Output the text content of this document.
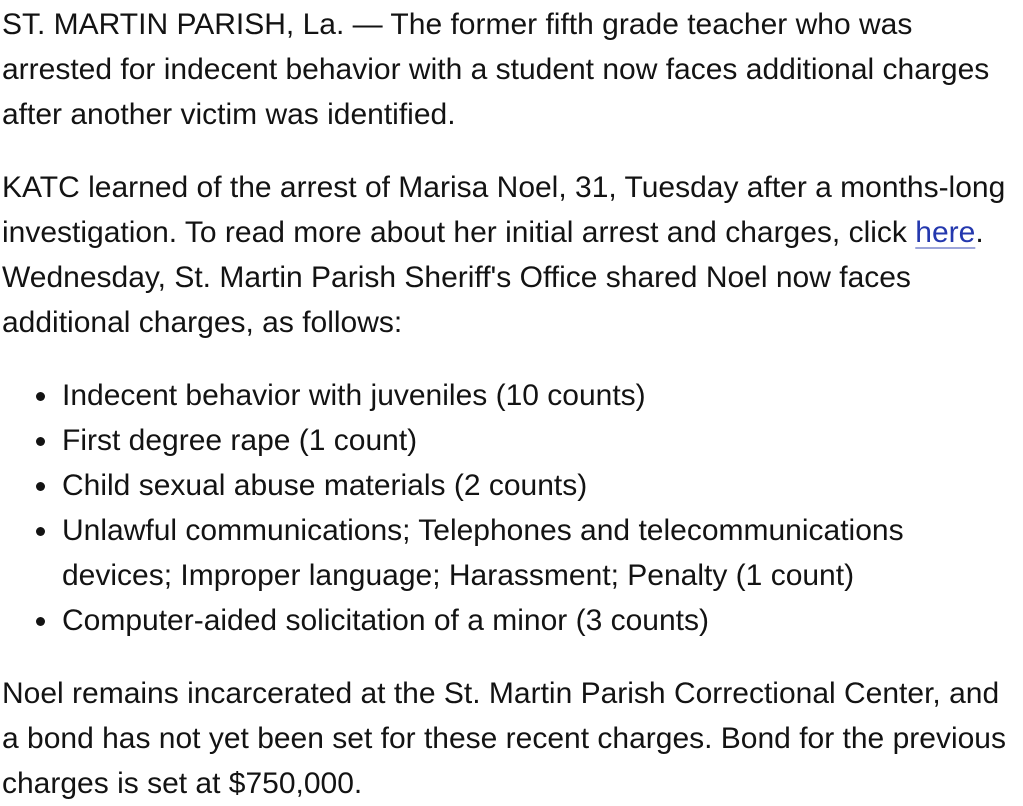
ST. MARTIN PARISH, La. — The former fifth grade teacher who was arrested for indecent behavior with a student now faces additional charges after another victim was identified.

KATC learned of the arrest of Marisa Noel, 31, Tuesday after a months-long investigation. To read more about her initial arrest and charges, click here. Wednesday, St. Martin Parish Sheriff's Office shared Noel now faces additional charges, as follows:

• Indecent behavior with juveniles (10 counts)
• First degree rape (1 count)
• Child sexual abuse materials (2 counts)
• Unlawful communications; Telephones and telecommunications devices; Improper language; Harassment; Penalty (1 count)
• Computer-aided solicitation of a minor (3 counts)

Noel remains incarcerated at the St. Martin Parish Correctional Center, and a bond has not yet been set for these recent charges. Bond for the previous charges is set at $750,000.
